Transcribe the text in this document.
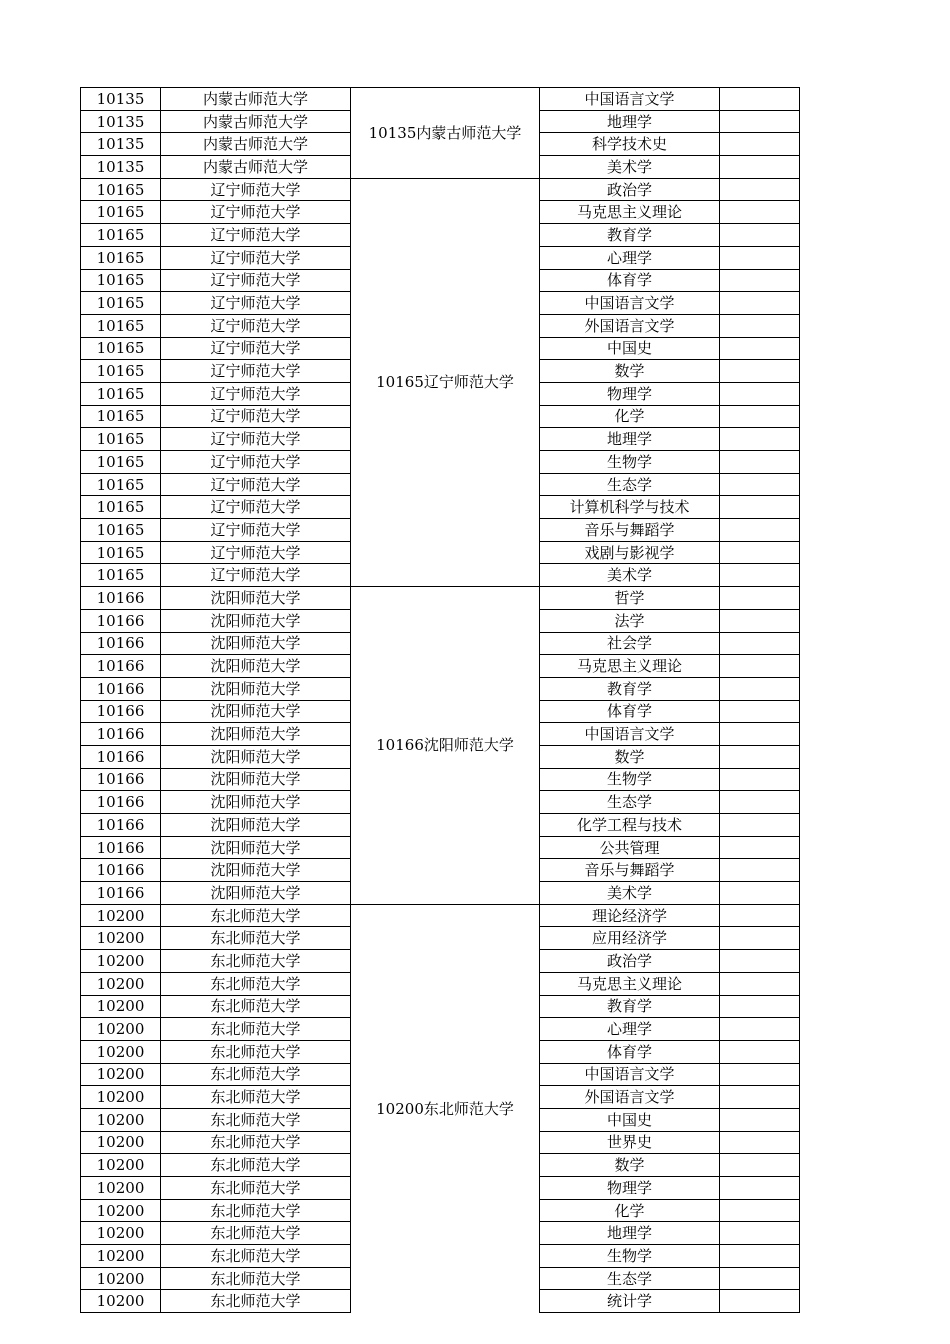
10135	内蒙古师范大学	10135内蒙古师范大学	中国语言文学	
10135	内蒙古师范大学		地理学	
10135	内蒙古师范大学		科学技术史	
10135	内蒙古师范大学		美术学	
10165	辽宁师范大学	10165辽宁师范大学	政治学	
10165	辽宁师范大学		马克思主义理论	
10165	辽宁师范大学		教育学	
10165	辽宁师范大学		心理学	
10165	辽宁师范大学		体育学	
10165	辽宁师范大学		中国语言文学	
10165	辽宁师范大学		外国语言文学	
10165	辽宁师范大学		中国史	
10165	辽宁师范大学		数学	
10165	辽宁师范大学		物理学	
10165	辽宁师范大学		化学	
10165	辽宁师范大学		地理学	
10165	辽宁师范大学		生物学	
10165	辽宁师范大学		生态学	
10165	辽宁师范大学		计算机科学与技术	
10165	辽宁师范大学		音乐与舞蹈学	
10165	辽宁师范大学		戏剧与影视学	
10165	辽宁师范大学		美术学	
10166	沈阳师范大学	10166沈阳师范大学	哲学	
10166	沈阳师范大学		法学	
10166	沈阳师范大学		社会学	
10166	沈阳师范大学		马克思主义理论	
10166	沈阳师范大学		教育学	
10166	沈阳师范大学		体育学	
10166	沈阳师范大学		中国语言文学	
10166	沈阳师范大学		数学	
10166	沈阳师范大学		生物学	
10166	沈阳师范大学		生态学	
10166	沈阳师范大学		化学工程与技术	
10166	沈阳师范大学		公共管理	
10166	沈阳师范大学		音乐与舞蹈学	
10166	沈阳师范大学		美术学	
10200	东北师范大学	10200东北师范大学	理论经济学	
10200	东北师范大学		应用经济学	
10200	东北师范大学		政治学	
10200	东北师范大学		马克思主义理论	
10200	东北师范大学		教育学	
10200	东北师范大学		心理学	
10200	东北师范大学		体育学	
10200	东北师范大学		中国语言文学	
10200	东北师范大学		外国语言文学	
10200	东北师范大学		中国史	
10200	东北师范大学		世界史	
10200	东北师范大学		数学	
10200	东北师范大学		物理学	
10200	东北师范大学		化学	
10200	东北师范大学		地理学	
10200	东北师范大学		生物学	
10200	东北师范大学		生态学	
10200	东北师范大学		统计学	
